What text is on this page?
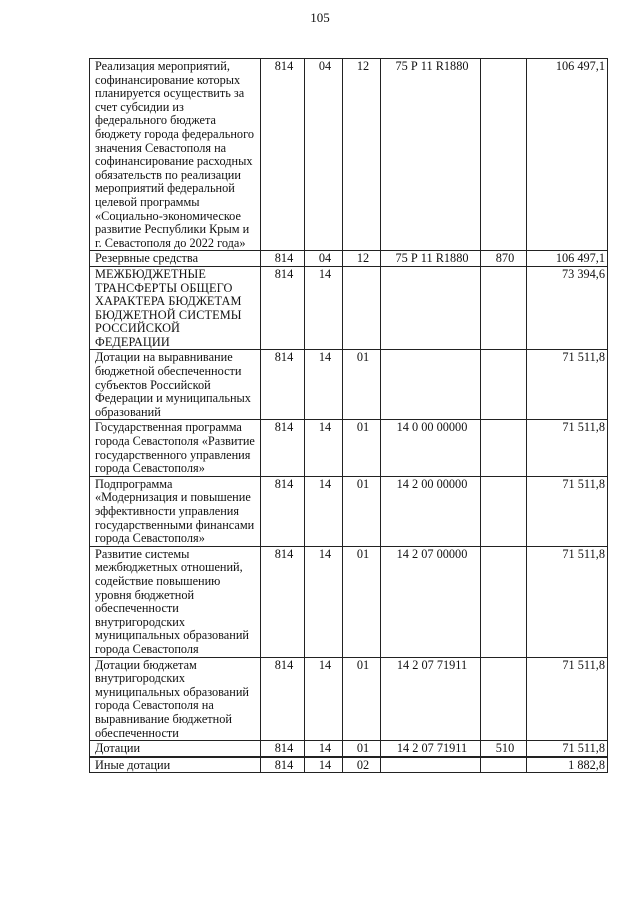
105
Реализация мероприятий, софинансирование которых планируется осуществить за счет субсидии из федерального бюджета бюджету города федерального значения Севастополя на софинансирование расходных обязательств по реализации мероприятий федеральной целевой программы «Социально-экономическое развитие Республики Крым и г. Севастополя до 2022 года»	814	04	12	75 Р 11 R1880		106 497,1
Резервные средства	814	04	12	75 Р 11 R1880	870	106 497,1
МЕЖБЮДЖЕТНЫЕ ТРАНСФЕРТЫ ОБЩЕГО ХАРАКТЕРА БЮДЖЕТАМ БЮДЖЕТНОЙ СИСТЕМЫ РОССИЙСКОЙ ФЕДЕРАЦИИ	814	14				73 394,6
Дотации на выравнивание бюджетной обеспеченности субъектов Российской Федерации и муниципальных образований	814	14	01			71 511,8
Государственная программа города Севастополя «Развитие государственного управления города Севастополя»	814	14	01	14 0 00 00000		71 511,8
Подпрограмма «Модернизация и повышение эффективности управления государственными финансами города Севастополя»	814	14	01	14 2 00 00000		71 511,8
Развитие системы межбюджетных отношений, содействие повышению уровня бюджетной обеспеченности внутригородских муниципальных образований города Севастополя	814	14	01	14 2 07 00000		71 511,8
Дотации бюджетам внутригородских муниципальных образований города Севастополя на выравнивание бюджетной обеспеченности	814	14	01	14 2 07 71911		71 511,8
Дотации	814	14	01	14 2 07 71911	510	71 511,8
Иные дотации	814	14	02			1 882,8
